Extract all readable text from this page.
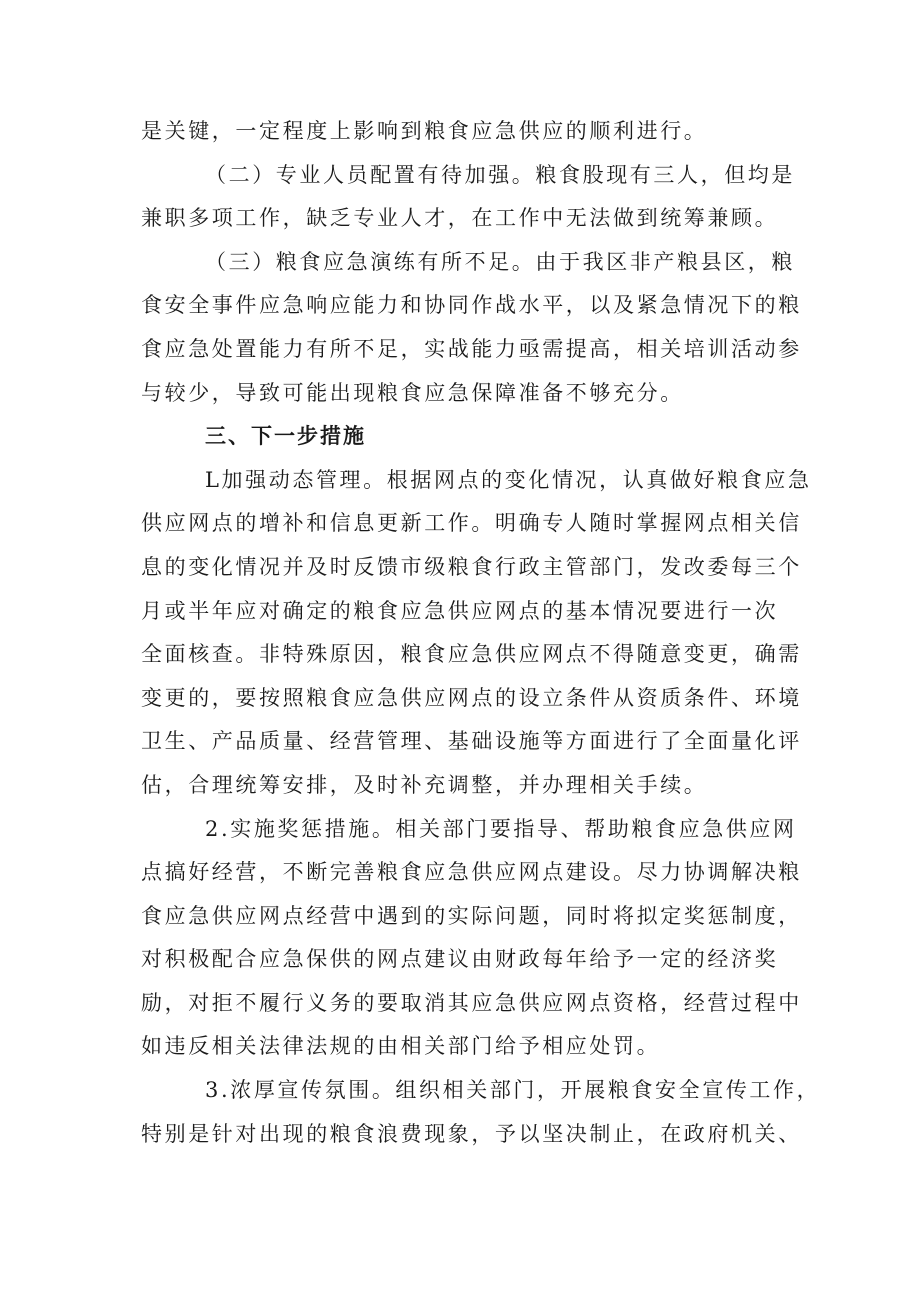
是关键，一定程度上影响到粮食应急供应的顺利进行。
（二）专业人员配置有待加强。粮食股现有三人，但均是
兼职多项工作，缺乏专业人才，在工作中无法做到统筹兼顾。
（三）粮食应急演练有所不足。由于我区非产粮县区，粮
食安全事件应急响应能力和协同作战水平，以及紧急情况下的粮
食应急处置能力有所不足，实战能力亟需提高，相关培训活动参
与较少，导致可能出现粮食应急保障准备不够充分。
三、下一步措施
L加强动态管理。根据网点的变化情况，认真做好粮食应急
供应网点的增补和信息更新工作。明确专人随时掌握网点相关信
息的变化情况并及时反馈市级粮食行政主管部门，发改委每三个
月或半年应对确定的粮食应急供应网点的基本情况要进行一次
全面核查。非特殊原因，粮食应急供应网点不得随意变更，确需
变更的，要按照粮食应急供应网点的设立条件从资质条件、环境
卫生、产品质量、经营管理、基础设施等方面进行了全面量化评
估，合理统筹安排，及时补充调整，并办理相关手续。
2.实施奖惩措施。相关部门要指导、帮助粮食应急供应网
点搞好经营，不断完善粮食应急供应网点建设。尽力协调解决粮
食应急供应网点经营中遇到的实际问题，同时将拟定奖惩制度，
对积极配合应急保供的网点建议由财政每年给予一定的经济奖
励，对拒不履行义务的要取消其应急供应网点资格，经营过程中
如违反相关法律法规的由相关部门给予相应处罚。
3.浓厚宣传氛围。组织相关部门，开展粮食安全宣传工作，
特别是针对出现的粮食浪费现象，予以坚决制止，在政府机关、
